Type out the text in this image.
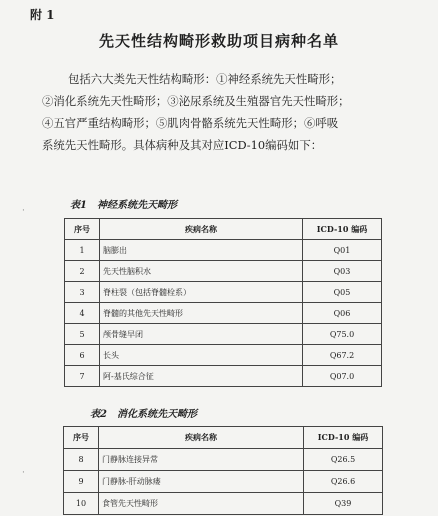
附 1
先天性结构畸形救助项目病种名单

包括六大类先天性结构畸形：①神经系统先天性畸形；

②消化系统先天性畸形；③泌尿系统及生殖器官先天性畸形；

④五官严重结构畸形；⑤肌肉骨骼系统先天性畸形；⑥呼吸

系统先天性畸形。具体病种及其对应ICD-10编码如下：

表1　神经系统先天畸形
序号	疾病名称	ICD-10 编码
1	脑膨出	Q01
2	先天性脑积水	Q03
3	脊柱裂（包括脊髓栓系）	Q05
4	脊髓的其他先天性畸形	Q06
5	颅骨缝早闭	Q75.0
6	长头	Q67.2
7	阿-基氏综合征	Q07.0
表2　消化系统先天畸形
序号	疾病名称	ICD-10 编码
8	门静脉连接异常	Q26.5
9	门静脉-肝动脉瘘	Q26.6
10	食管先天性畸形	Q39
·
·
